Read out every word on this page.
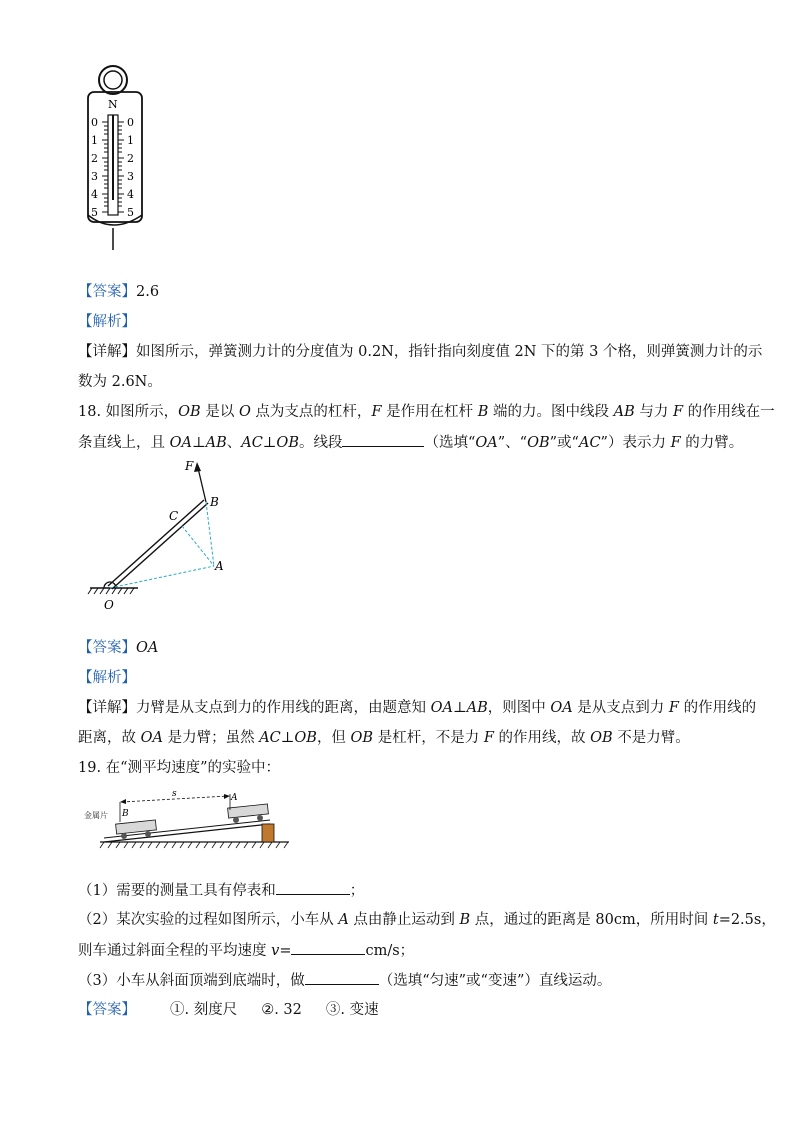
N
0
1
2
3
4
5
0
1
2
3
4
5
【答案】2.6
【解析】
【详解】如图所示，弹簧测力计的分度值为 0.2N，指针指向刻度值 2N 下的第 3 个格，则弹簧测力计的示
数为 2.6N。
18. 如图所示，OB 是以 O 点为支点的杠杆，F 是作用在杠杆 B 端的力。图中线段 AB 与力 F 的作用线在一
条直线上，且 OA⊥AB、AC⊥OB。线段	（选填“OA”、“OB”或“AC”）表示力 F 的力臂。
F
B
C
A
O
【答案】OA
【解析】
【详解】力臂是从支点到力的作用线的距离，由题意知 OA⊥AB，则图中 OA 是从支点到力 F 的作用线的
距离，故 OA 是力臂；虽然 AC⊥OB，但 OB 是杠杆，不是力 F 的作用线，故 OB 不是力臂。
19. 在“测平均速度”的实验中：
s	A
B
金属片
（1）需要的测量工具有停表和	；
（2）某次实验的过程如图所示，小车从 A 点由静止运动到 B 点，通过的距离是 80cm，所用时间 t=2.5s，
则车通过斜面全程的平均速度 v=	cm/s；
（3）小车从斜面顶端到底端时，做	（选填“匀速”或“变速”）直线运动。
【答案】 ①. 刻度尺 ②. 32 ③. 变速
